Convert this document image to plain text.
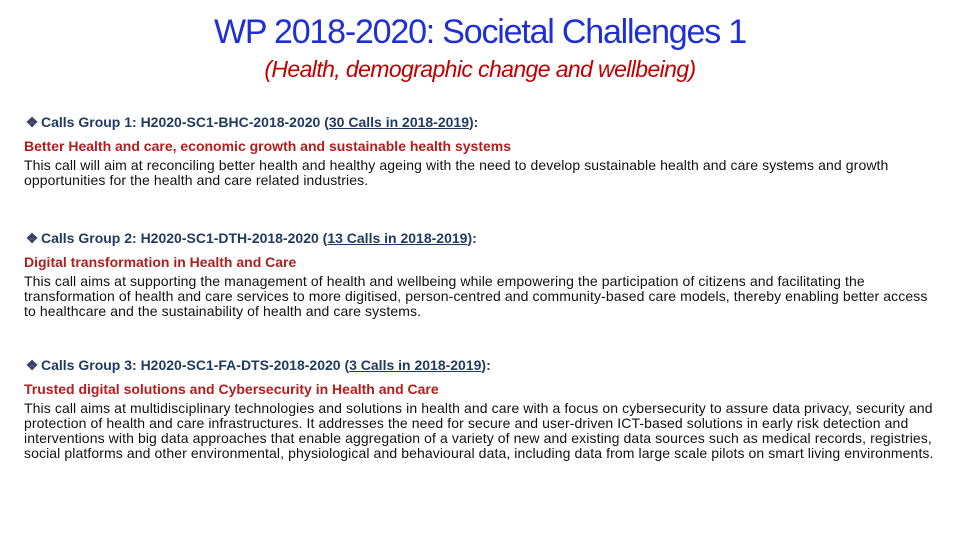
WP 2018-2020: Societal Challenges 1
(Health, demographic change and wellbeing)
❖ Calls Group 1: H2020-SC1-BHC-2018-2020 ( 30 Calls in 2018-2019 ):
Better Health and care, economic growth and sustainable health systems
This call will aim at reconciling better health and healthy ageing with the need to develop sustainable health and care systems and growth opportunities for the health and care related industries.
❖ Calls Group 2: H2020-SC1-DTH-2018-2020 ( 13 Calls in 2018-2019 ):
Digital transformation in Health and Care
This call aims at supporting the management of health and wellbeing while empowering the participation of citizens and facilitating the transformation of health and care services to more digitised, person-centred and community-based care models, thereby enabling better access to healthcare and the sustainability of health and care systems.
❖ Calls Group 3: H2020-SC1-FA-DTS-2018-2020 ( 3 Calls in 2018-2019 ):
Trusted digital solutions and Cybersecurity in Health and Care
This call aims at multidisciplinary technologies and solutions in health and care with a focus on cybersecurity to assure data privacy, security and protection of health and care infrastructures. It addresses the need for secure and user-driven ICT-based solutions in early risk detection and interventions with big data approaches that enable aggregation of a variety of new and existing data sources such as medical records, registries, social platforms and other environmental, physiological and behavioural data, including data from large scale pilots on smart living environments.
